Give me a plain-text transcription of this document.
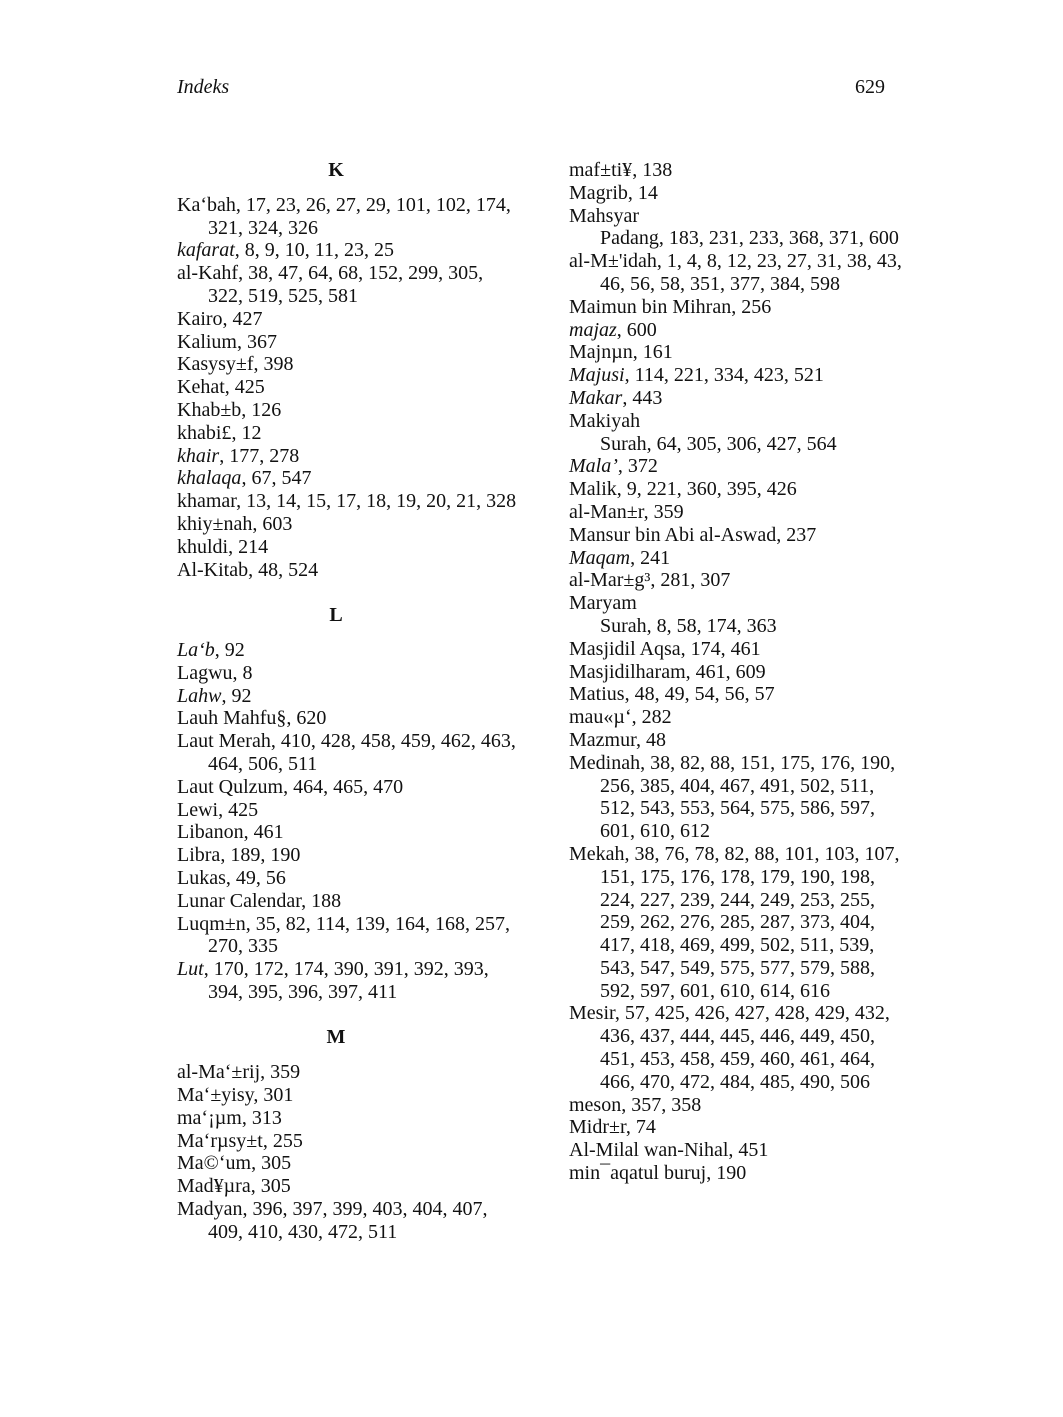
Indeks	629
K
Ka‘bah, 17, 23, 26, 27, 29, 101, 102, 174, 321, 324, 326
kafarat, 8, 9, 10, 11, 23, 25
al-Kahf, 38, 47, 64, 68, 152, 299, 305, 322, 519, 525, 581
Kairo, 427
Kalium, 367
Kasysy±f, 398
Kehat, 425
Khab±b, 126
khabi£, 12
khair, 177, 278
khalaqa, 67, 547
khamar, 13, 14, 15, 17, 18, 19, 20, 21, 328
khiy±nah, 603
khuldi, 214
Al-Kitab, 48, 524
L
La‘b, 92
Lagwu, 8
Lahw, 92
Lauh Mahfu§, 620
Laut Merah, 410, 428, 458, 459, 462, 463, 464, 506, 511
Laut Qulzum, 464, 465, 470
Lewi, 425
Libanon, 461
Libra, 189, 190
Lukas, 49, 56
Lunar Calendar, 188
Luqm±n, 35, 82, 114, 139, 164, 168, 257, 270, 335
Lut, 170, 172, 174, 390, 391, 392, 393, 394, 395, 396, 397, 411
M
al-Ma‘±rij, 359
Ma‘±yisy, 301
ma‘¡µm, 313
Ma‘rµsy±t, 255
Ma©‘um, 305
Mad¥µra, 305
Madyan, 396, 397, 399, 403, 404, 407, 409, 410, 430, 472, 511
maf±ti¥, 138
Magrib, 14
Mahsyar
Padang, 183, 231, 233, 368, 371, 600
al-M±'idah, 1, 4, 8, 12, 23, 27, 31, 38, 43, 46, 56, 58, 351, 377, 384, 598
Maimun bin Mihran, 256
majaz, 600
Majnµn, 161
Majusi, 114, 221, 334, 423, 521
Makar, 443
Makiyah
Surah, 64, 305, 306, 427, 564
Mala’, 372
Malik, 9, 221, 360, 395, 426
al-Man±r, 359
Mansur bin Abi al-Aswad, 237
Maqam, 241
al-Mar±g³, 281, 307
Maryam
Surah, 8, 58, 174, 363
Masjidil Aqsa, 174, 461
Masjidilharam, 461, 609
Matius, 48, 49, 54, 56, 57
mau«µ‘, 282
Mazmur, 48
Medinah, 38, 82, 88, 151, 175, 176, 190, 256, 385, 404, 467, 491, 502, 511, 512, 543, 553, 564, 575, 586, 597, 601, 610, 612
Mekah, 38, 76, 78, 82, 88, 101, 103, 107, 151, 175, 176, 178, 179, 190, 198, 224, 227, 239, 244, 249, 253, 255, 259, 262, 276, 285, 287, 373, 404, 417, 418, 469, 499, 502, 511, 539, 543, 547, 549, 575, 577, 579, 588, 592, 597, 601, 610, 614, 616
Mesir, 57, 425, 426, 427, 428, 429, 432, 436, 437, 444, 445, 446, 449, 450, 451, 453, 458, 459, 460, 461, 464, 466, 470, 472, 484, 485, 490, 506
meson, 357, 358
Midr±r, 74
Al-Milal wan-Nihal, 451
min¯aqatul buruj, 190
